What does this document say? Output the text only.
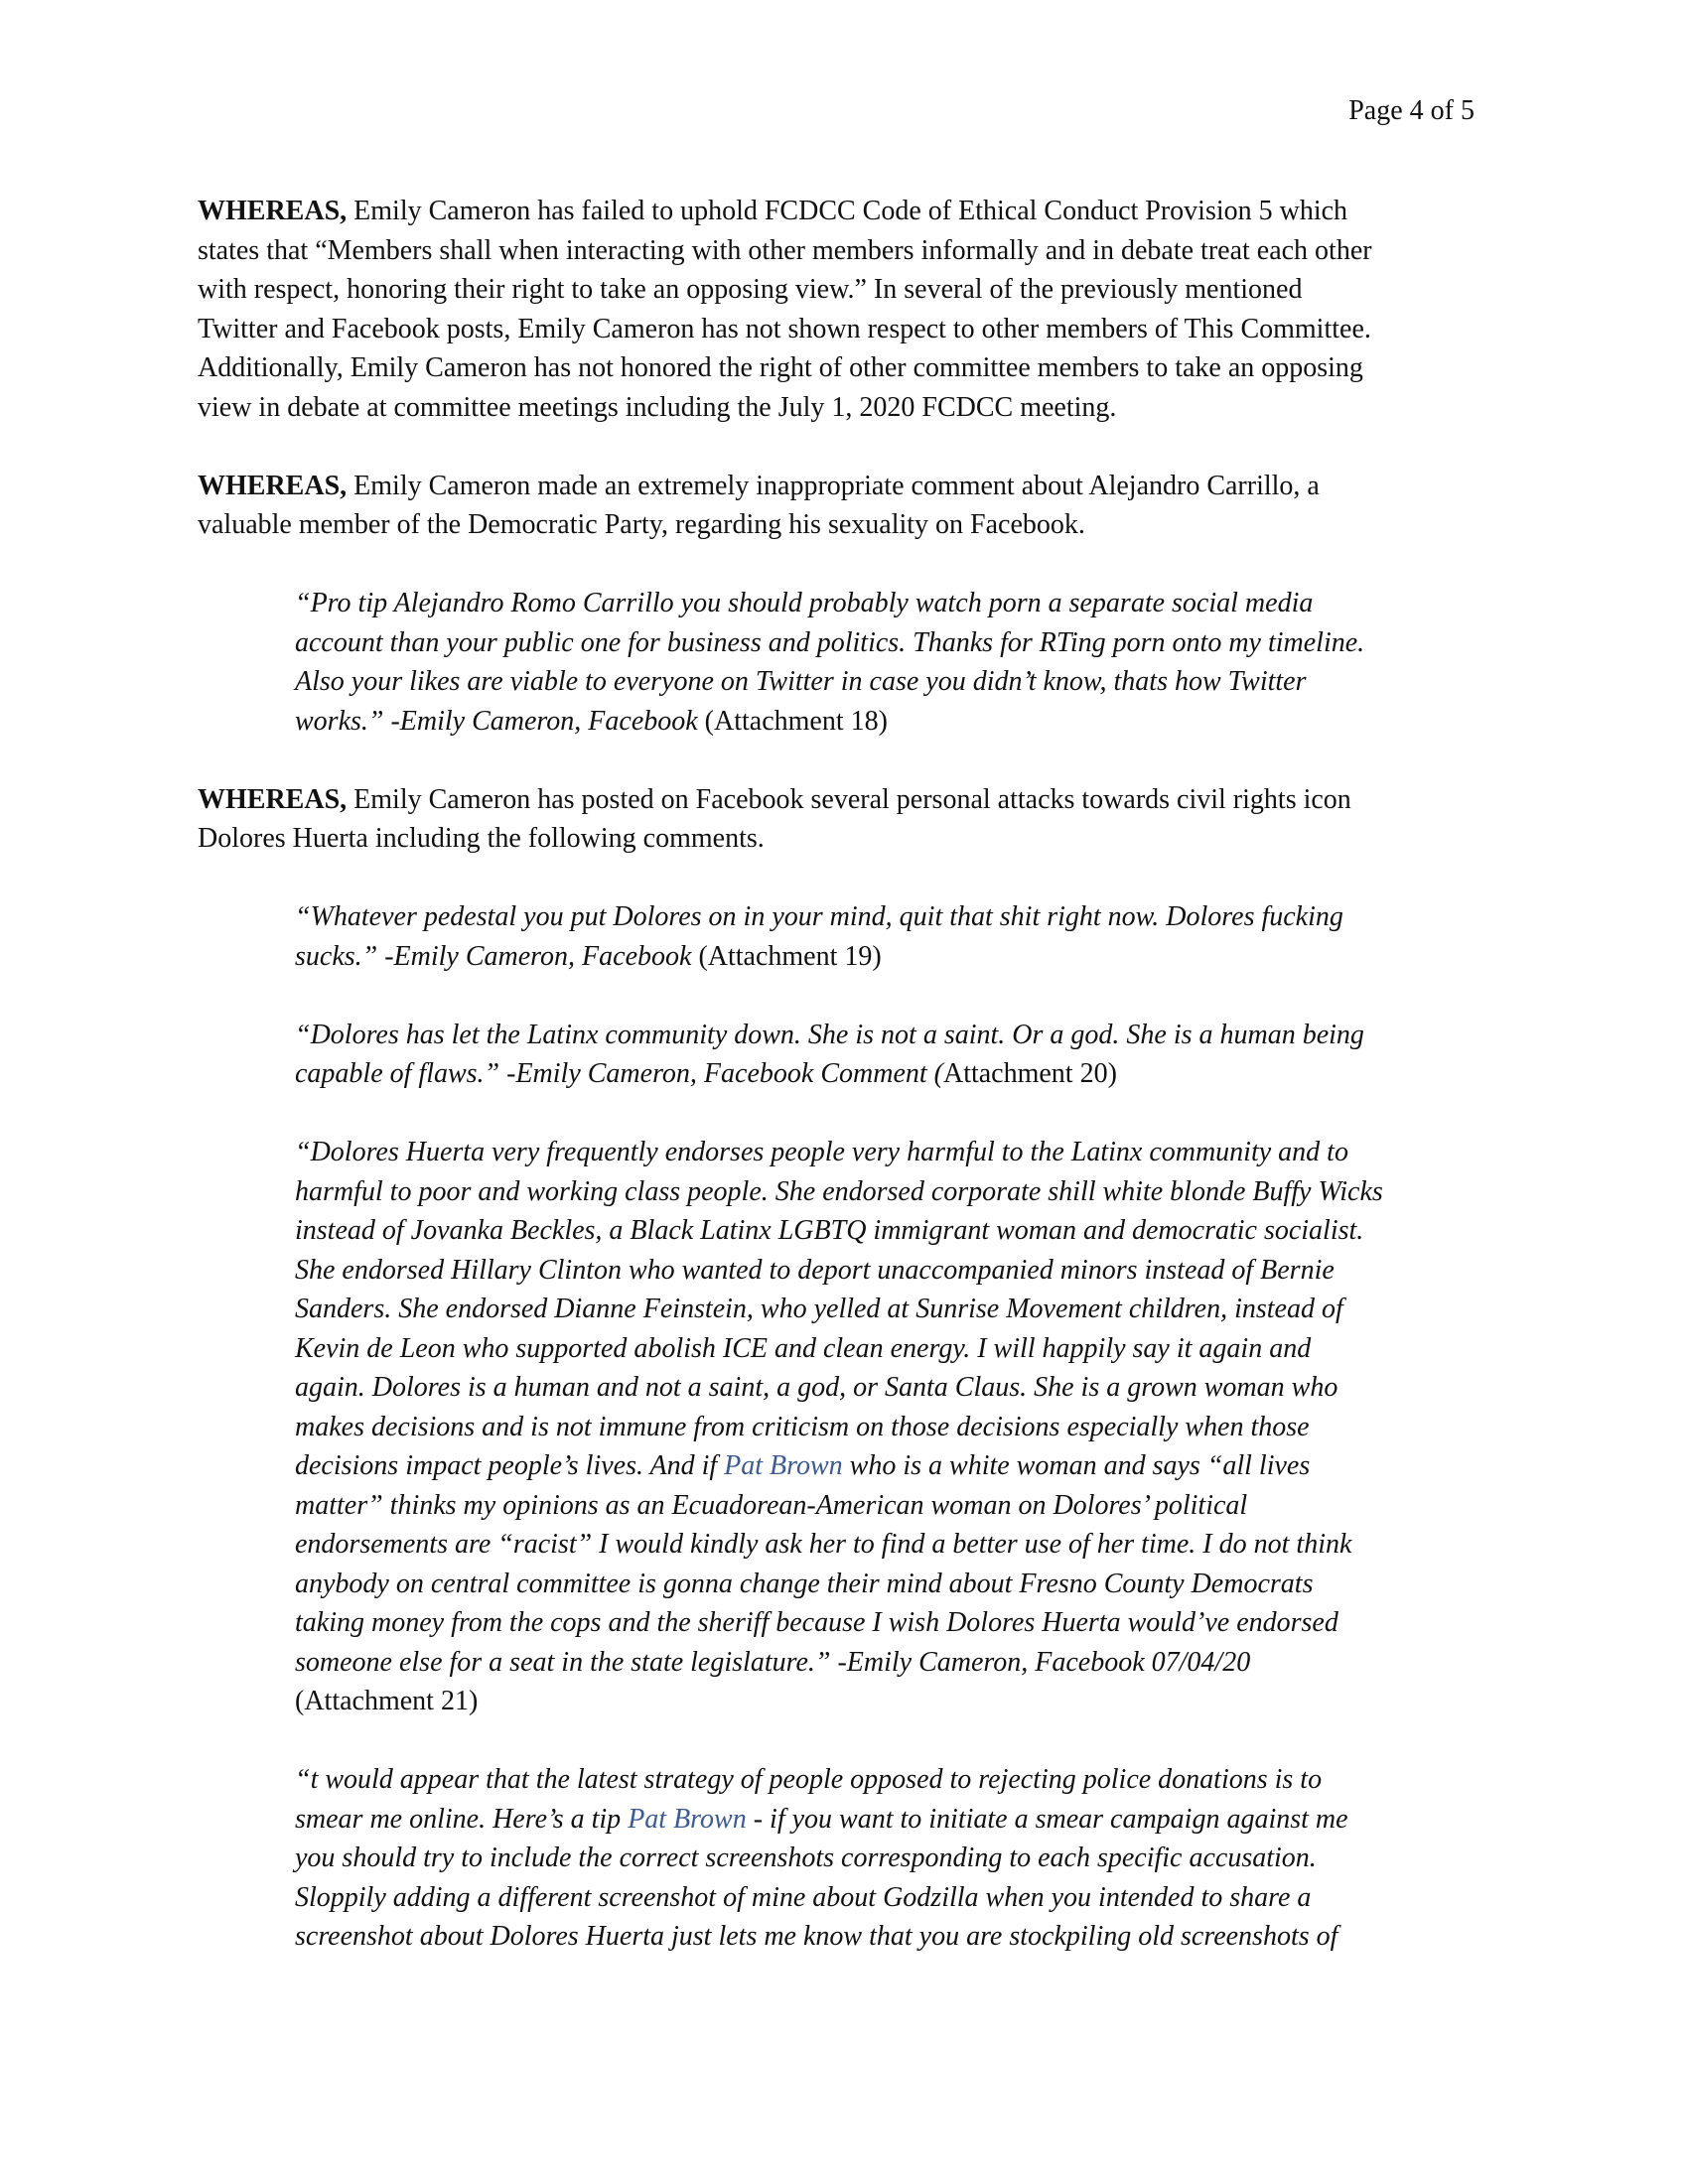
Page 4 of 5
WHEREAS, Emily Cameron has failed to uphold FCDCC Code of Ethical Conduct Provision 5 which
states that “Members shall when interacting with other members informally and in debate treat each other
with respect, honoring their right to take an opposing view.” In several of the previously mentioned
Twitter and Facebook posts, Emily Cameron has not shown respect to other members of This Committee.
Additionally, Emily Cameron has not honored the right of other committee members to take an opposing
view in debate at committee meetings including the July 1, 2020 FCDCC meeting.
WHEREAS, Emily Cameron made an extremely inappropriate comment about Alejandro Carrillo, a
valuable member of the Democratic Party, regarding his sexuality on Facebook.
“Pro tip Alejandro Romo Carrillo you should probably watch porn a separate social media
account than your public one for business and politics. Thanks for RTing porn onto my timeline.
Also your likes are viable to everyone on Twitter in case you didn’t know, thats how Twitter
works.” -Emily Cameron, Facebook (Attachment 18)
WHEREAS, Emily Cameron has posted on Facebook several personal attacks towards civil rights icon
Dolores Huerta including the following comments.
“Whatever pedestal you put Dolores on in your mind, quit that shit right now. Dolores fucking
sucks.” -Emily Cameron, Facebook (Attachment 19)
“Dolores has let the Latinx community down. She is not a saint. Or a god. She is a human being
capable of flaws.” -Emily Cameron, Facebook Comment (Attachment 20)
“Dolores Huerta very frequently endorses people very harmful to the Latinx community and to
harmful to poor and working class people. She endorsed corporate shill white blonde Buffy Wicks
instead of Jovanka Beckles, a Black Latinx LGBTQ immigrant woman and democratic socialist.
She endorsed Hillary Clinton who wanted to deport unaccompanied minors instead of Bernie
Sanders. She endorsed Dianne Feinstein, who yelled at Sunrise Movement children, instead of
Kevin de Leon who supported abolish ICE and clean energy. I will happily say it again and
again. Dolores is a human and not a saint, a god, or Santa Claus. She is a grown woman who
makes decisions and is not immune from criticism on those decisions especially when those
decisions impact people’s lives. And if Pat Brown who is a white woman and says “all lives
matter” thinks my opinions as an Ecuadorean-American woman on Dolores’ political
endorsements are “racist” I would kindly ask her to find a better use of her time. I do not think
anybody on central committee is gonna change their mind about Fresno County Democrats
taking money from the cops and the sheriff because I wish Dolores Huerta would’ve endorsed
someone else for a seat in the state legislature.” -Emily Cameron, Facebook 07/04/20
(Attachment 21)
“t would appear that the latest strategy of people opposed to rejecting police donations is to
smear me online. Here’s a tip Pat Brown - if you want to initiate a smear campaign against me
you should try to include the correct screenshots corresponding to each specific accusation.
Sloppily adding a different screenshot of mine about Godzilla when you intended to share a
screenshot about Dolores Huerta just lets me know that you are stockpiling old screenshots of
